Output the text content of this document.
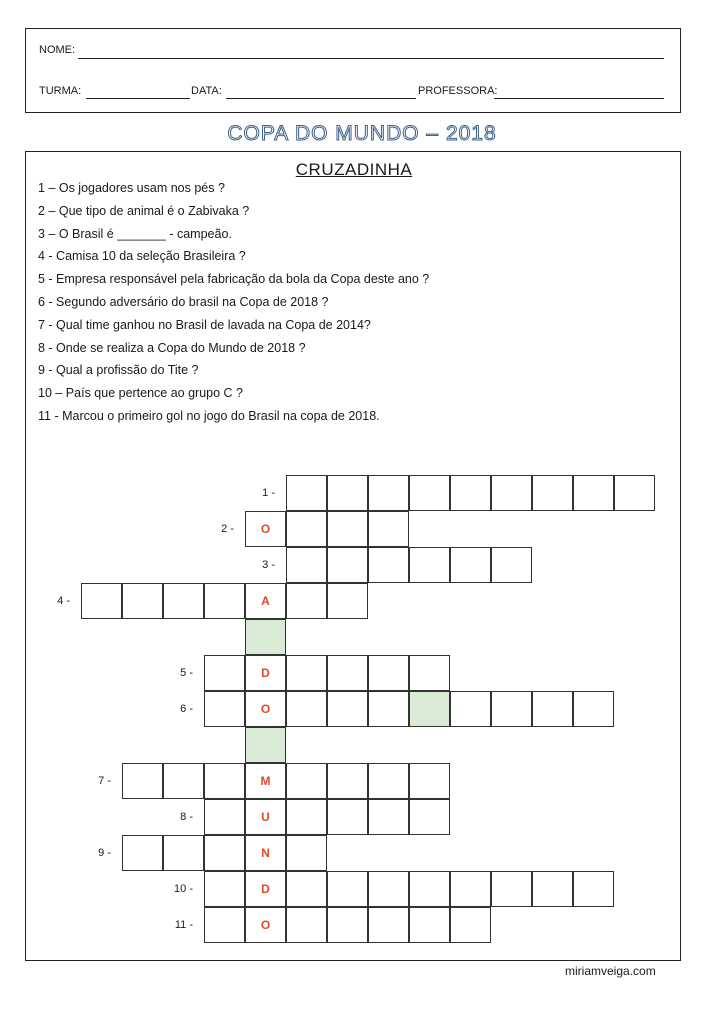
NOME:
TURMA:	DATA:	PROFESSORA:
COPA DO MUNDO – 2018
CRUZADINHA
1 – Os jogadores usam nos pés ?
2 – Que tipo de animal é o Zabivaka ?
3 – O Brasil é _______ - campeão.
4 - Camisa 10 da seleção Brasileira ?
5 - Empresa responsável pela fabricação da bola da Copa deste ano ?
6 - Segundo adversário do brasil na Copa de 2018 ?
7 - Qual time ganhou no Brasil de lavada na Copa de 2014?
8 - Onde se realiza a Copa do Mundo de 2018 ?
9 - Qual a profissão do Tite ?
10 – País que pertence ao grupo C ?
11 - Marcou o primeiro gol no jogo do Brasil na copa de 2018.
1 -
O
2 -
3 -
A
4 -
D
5 -
O
6 -
M
7 -
U
8 -
N
9 -
D
10 -
O
11 -
miriamveiga.com
